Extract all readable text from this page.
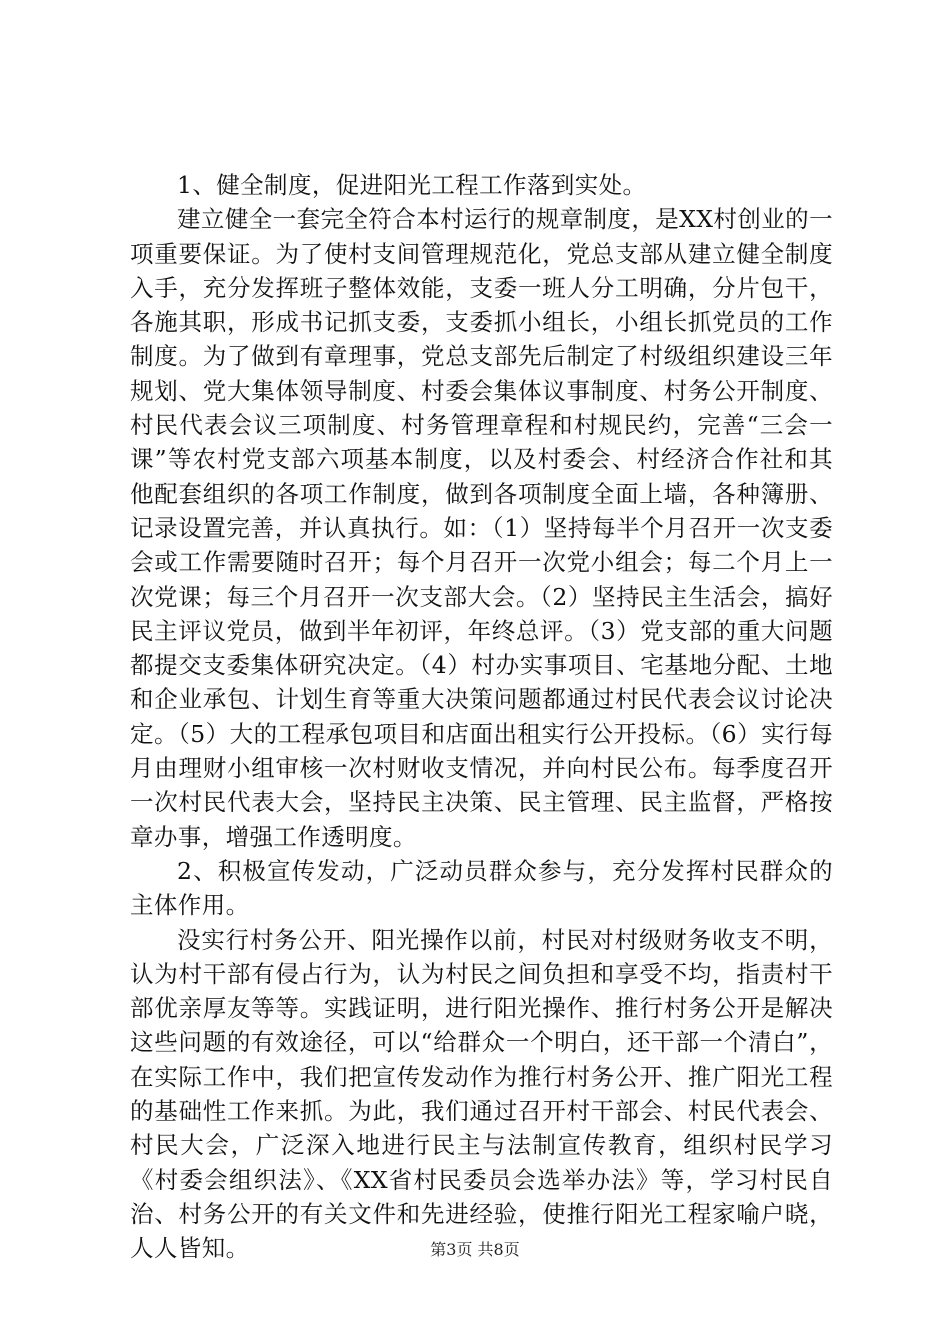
1、健全制度，促进阳光工程工作落到实处。

建立健全一套完全符合本村运行的规章制度，是XX村创业的一项重要保证。为了使村支间管理规范化，党总支部从建立健全制度入手，充分发挥班子整体效能，支委一班人分工明确，分片包干，各施其职，形成书记抓支委，支委抓小组长，小组长抓党员的工作制度。为了做到有章理事，党总支部先后制定了村级组织建设三年规划、党大集体领导制度、村委会集体议事制度、村务公开制度、村民代表会议三项制度、村务管理章程和村规民约，完善“三会一课”等农村党支部六项基本制度，以及村委会、村经济合作社和其他配套组织的各项工作制度，做到各项制度全面上墙，各种簿册、记录设置完善，并认真执行。如：（1）坚持每半个月召开一次支委会或工作需要随时召开；每个月召开一次党小组会；每二个月上一次党课；每三个月召开一次支部大会。（2）坚持民主生活会，搞好民主评议党员，做到半年初评，年终总评。（3）党支部的重大问题都提交支委集体研究决定。（4）村办实事项目、宅基地分配、土地和企业承包、计划生育等重大决策问题都通过村民代表会议讨论决定。（5）大的工程承包项目和店面出租实行公开投标。（6）实行每月由理财小组审核一次村财收支情况，并向村民公布。每季度召开一次村民代表大会，坚持民主决策、民主管理、民主监督，严格按章办事，增强工作透明度。

2、积极宣传发动，广泛动员群众参与，充分发挥村民群众的主体作用。

没实行村务公开、阳光操作以前，村民对村级财务收支不明，认为村干部有侵占行为，认为村民之间负担和享受不均，指责村干部优亲厚友等等。实践证明，进行阳光操作、推行村务公开是解决这些问题的有效途径，可以“给群众一个明白，还干部一个清白”，在实际工作中，我们把宣传发动作为推行村务公开、推广阳光工程的基础性工作来抓。为此，我们通过召开村干部会、村民代表会、村民大会，广泛深入地进行民主与法制宣传教育，组织村民学习《村委会组织法》、《XX省村民委员会选举办法》等，学习村民自治、村务公开的有关文件和先进经验，使推行阳光工程家喻户晓，人人皆知。	第3页 共8页
